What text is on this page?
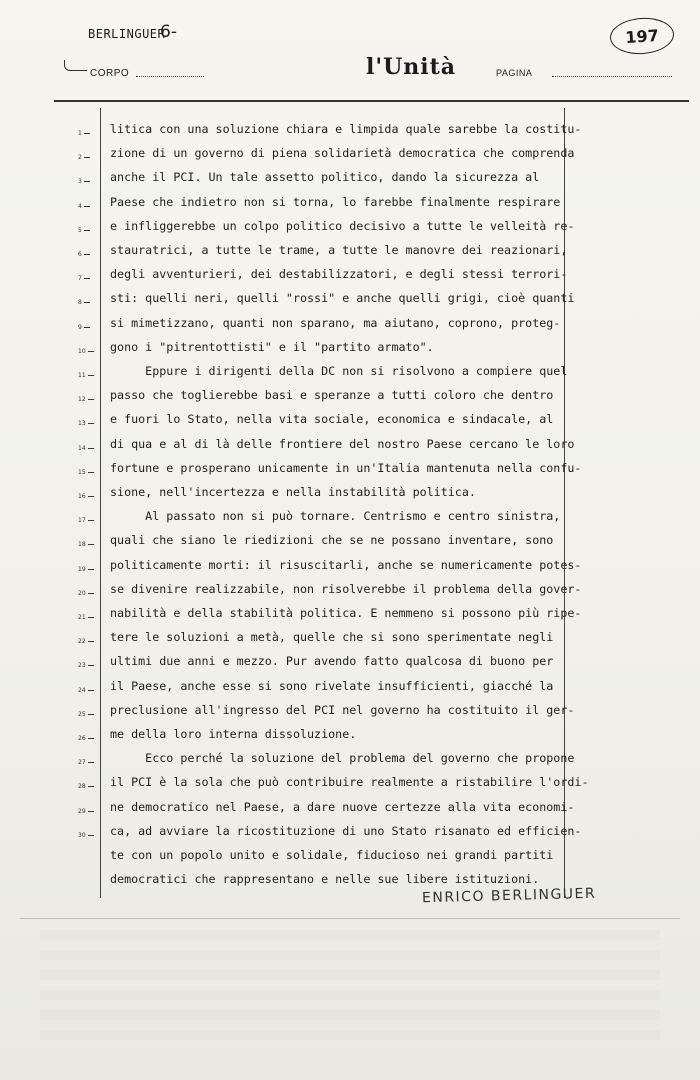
BERLINGUER
6-
CORPO	l'Unità	PAGINA
197
1
2
3
4
5
6
7
8
9
10
11
12
13
14
15
16
17
18
19
20
21
22
23
24
25
26
27
28
29
30
litica con una soluzione chiara e limpida quale sarebbe la costitu-
zione di un governo di piena solidarietà democratica che comprenda
anche il PCI. Un tale assetto politico, dando la sicurezza al
Paese che indietro non si torna, lo farebbe finalmente respirare
e infliggerebbe un colpo politico decisivo a tutte le velleità re-
stauratrici, a tutte le trame, a tutte le manovre dei reazionari,
degli avventurieri, dei destabilizzatori, e degli stessi terrori-
sti: quelli neri, quelli "rossi" e anche quelli grigi, cioè quanti
si mimetizzano, quanti non sparano, ma aiutano, coprono, proteg-
gono i "pitrentottisti" e il "partito armato".
Eppure i dirigenti della DC non si risolvono a compiere quel
passo che toglierebbe basi e speranze a tutti coloro che dentro
e fuori lo Stato, nella vita sociale, economica e sindacale, al
di qua e al di là delle frontiere del nostro Paese cercano le loro
fortune e prosperano unicamente in un'Italia mantenuta nella confu-
sione, nell'incertezza e nella instabilità politica.
Al passato non si può tornare. Centrismo e centro sinistra,
quali che siano le riedizioni che se ne possano inventare, sono
politicamente morti: il risuscitarli, anche se numericamente potes-
se divenire realizzabile, non risolverebbe il problema della gover-
nabilità e della stabilità politica. E nemmeno si possono più ripe-
tere le soluzioni a metà, quelle che si sono sperimentate negli
ultimi due anni e mezzo. Pur avendo fatto qualcosa di buono per
il Paese, anche esse si sono rivelate insufficienti, giacché la
preclusione all'ingresso del PCI nel governo ha costituito il ger-
me della loro interna dissoluzione.
Ecco perché la soluzione del problema del governo che propone
il PCI è la sola che può contribuire realmente a ristabilire l'ordi-
ne democratico nel Paese, a dare nuove certezze alla vita economi-
ca, ad avviare la ricostituzione di uno Stato risanato ed efficien-
te con un popolo unito e solidale, fiducioso nei grandi partiti
democratici che rappresentano e nelle sue libere istituzioni.
ENRICO BERLINGUER
